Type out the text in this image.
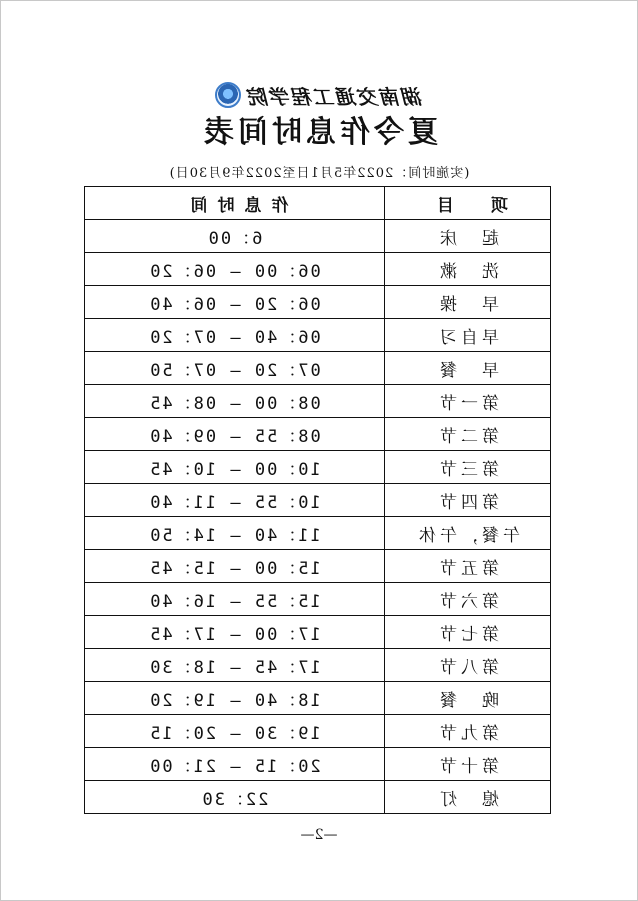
湖南交通工程学院
夏令作息时间表
(实施时间：2022年5月1日至2022年9月30日)
项　目	作息时间
起　床	6：00
洗　漱	06：00 — 06：20
早　操	06：20 — 06：40
早自习	06：40 — 07：20
早　餐	07：20 — 07：50
第一节	08：00 — 08：45
第二节	08：55 — 09：40
第三节	10：00 — 10：45
第四节	10：55 — 11：40
午餐，午休	11：40 — 14：50
第五节	15：00 — 15：45
第六节	15：55 — 16：40
第七节	17：00 — 17：45
第八节	17：45 — 18：30
晚　餐	18：40 — 19：20
第九节	19：30 — 20：15
第十节	20：15 — 21：00
熄　灯	22：30
—2—
